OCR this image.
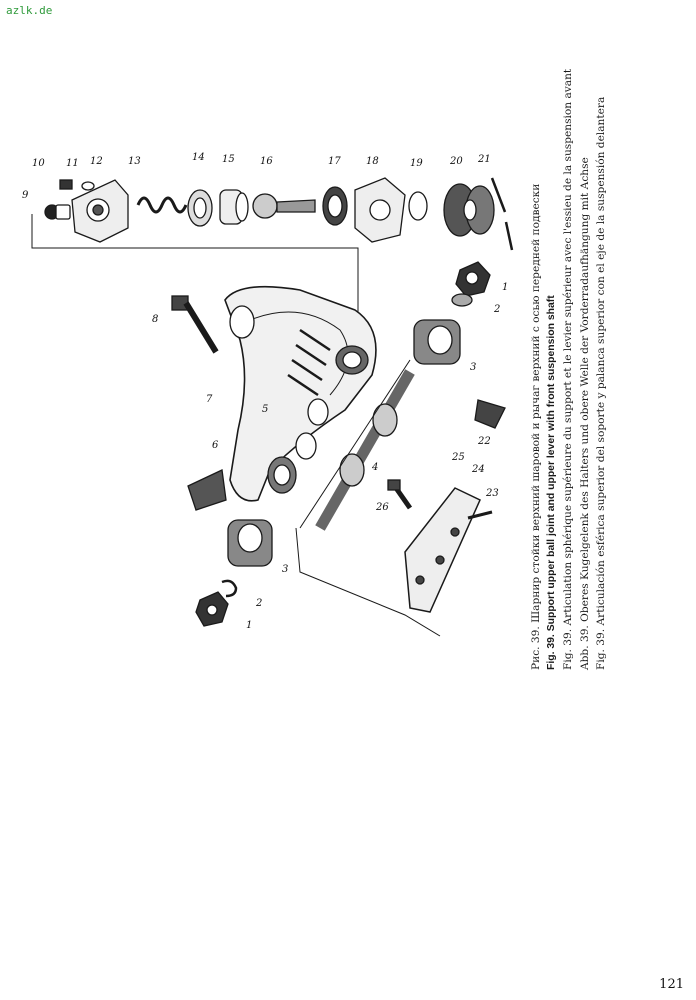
azlk.de
1
1
2
2
3
3
4
5
6
7
8
9
10 11 12	13	14 15	16	17	18	19	20 21
22
23
24
25
26
Рис. 39. Шарнир стойки верхний шаровой и рычаг верхний с осью передней подвески
Fig. 39. Support upper ball joint and upper lever with front suspension shaft
Fig. 39. Articulation sphérique supérieure du support et le levier supérieur avec l'essieu de la suspension avant
Abb. 39. Oberes Kugelgelenk des Halters und obere Welle der Vorderradaufhängung mit Achse
Fig. 39. Articulación esférica superior del soporte y palanca superior con el eje de la suspensión delantera
121
